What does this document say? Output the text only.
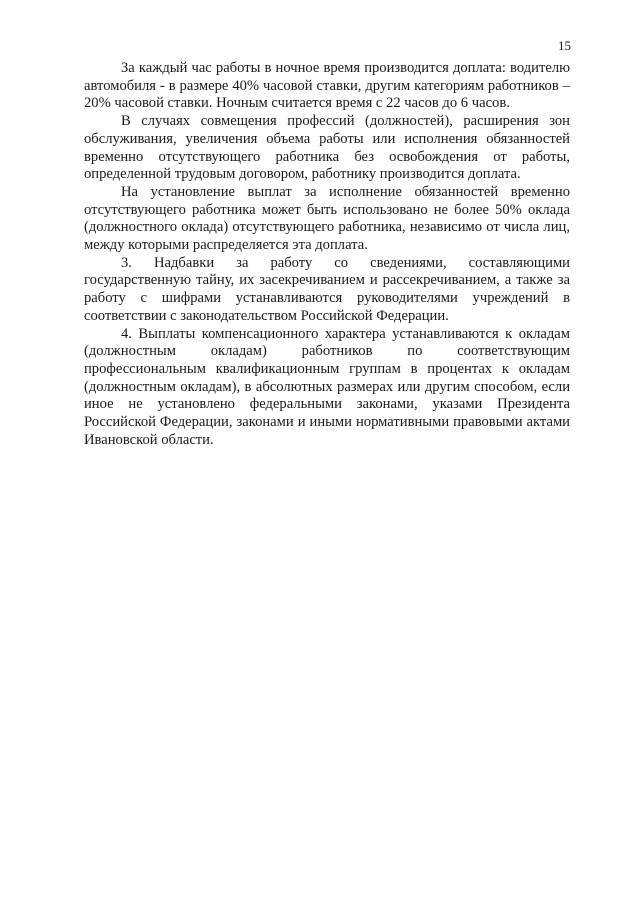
15

За каждый час работы в ночное время производится доплата: водителю автомобиля - в размере 40% часовой ставки, другим категориям работников – 20% часовой ставки. Ночным считается время с 22 часов до 6 часов.

В случаях совмещения профессий (должностей), расширения зон обслуживания, увеличения объема работы или исполнения обязанностей временно отсутствующего работника без освобождения от работы, определенной трудовым договором, работнику производится доплата.

На установление выплат за исполнение обязанностей временно отсутствующего работника может быть использовано не более 50% оклада (должностного оклада) отсутствующего работника, независимо от числа лиц, между которыми распределяется эта доплата.

3. Надбавки за работу со сведениями, составляющими государственную тайну, их засекречиванием и рассекречиванием, а также за работу с шифрами устанавливаются руководителями учреждений в соответствии с законодательством Российской Федерации.

4. Выплаты компенсационного характера устанавливаются к окладам (должностным окладам) работников по соответствующим профессиональным квалификационным группам в процентах к окладам (должностным окладам), в абсолютных размерах или другим способом, если иное не установлено федеральными законами, указами Президента Российской Федерации, законами и иными нормативными правовыми актами Ивановской области.
